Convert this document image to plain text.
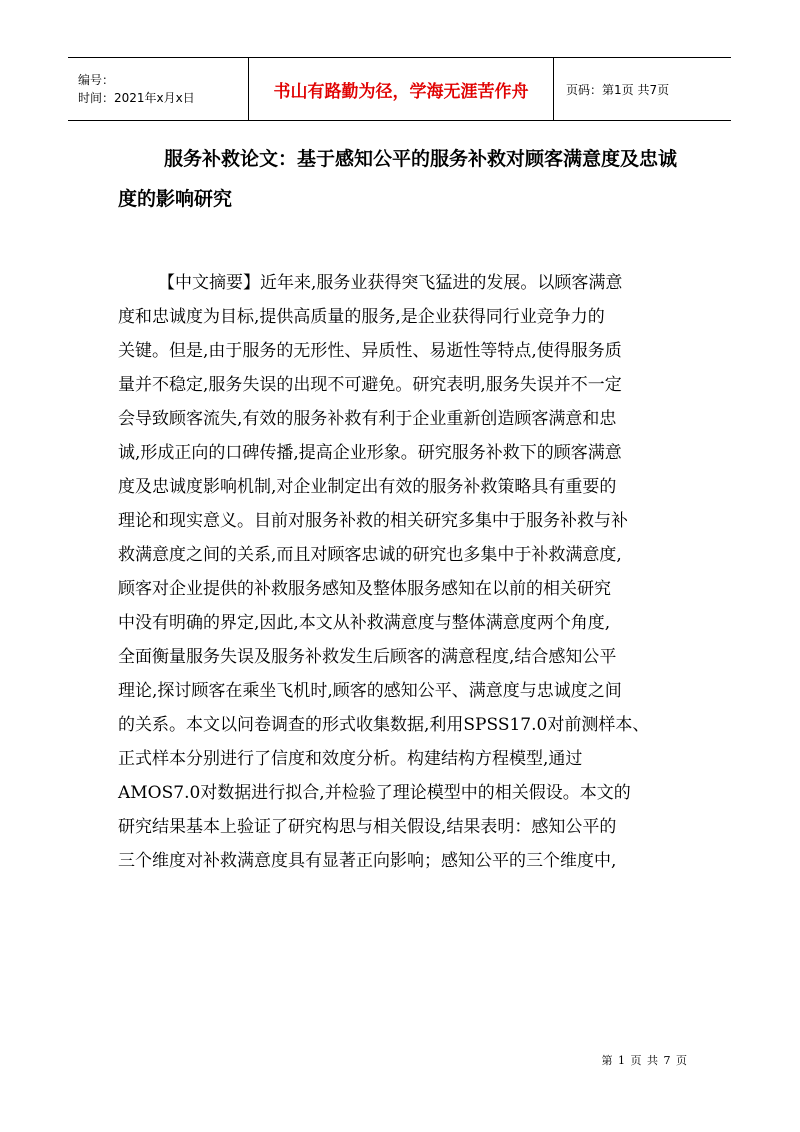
编号：
时间：2021年x月x日	书山有路勤为径，学海无涯苦作舟	页码：第1页 共7页
服务补救论文：基于感知公平的服务补救对顾客满意度及忠诚度的影响研究
【中文摘要】近年来,服务业获得突飞猛进的发展。以顾客满意
度和忠诚度为目标,提供高质量的服务,是企业获得同行业竞争力的
关键。但是,由于服务的无形性、异质性、易逝性等特点,使得服务质
量并不稳定,服务失误的出现不可避免。研究表明,服务失误并不一定
会导致顾客流失,有效的服务补救有利于企业重新创造顾客满意和忠
诚,形成正向的口碑传播,提高企业形象。研究服务补救下的顾客满意
度及忠诚度影响机制,对企业制定出有效的服务补救策略具有重要的
理论和现实意义。目前对服务补救的相关研究多集中于服务补救与补
救满意度之间的关系,而且对顾客忠诚的研究也多集中于补救满意度,
顾客对企业提供的补救服务感知及整体服务感知在以前的相关研究
中没有明确的界定,因此,本文从补救满意度与整体满意度两个角度,
全面衡量服务失误及服务补救发生后顾客的满意程度,结合感知公平
理论,探讨顾客在乘坐飞机时,顾客的感知公平、满意度与忠诚度之间
的关系。本文以问卷调查的形式收集数据,利用SPSS17.0对前测样本、
正式样本分别进行了信度和效度分析。构建结构方程模型,通过
AMOS7.0对数据进行拟合,并检验了理论模型中的相关假设。本文的
研究结果基本上验证了研究构思与相关假设,结果表明：感知公平的
三个维度对补救满意度具有显著正向影响；感知公平的三个维度中,
第 1 页 共 7 页
